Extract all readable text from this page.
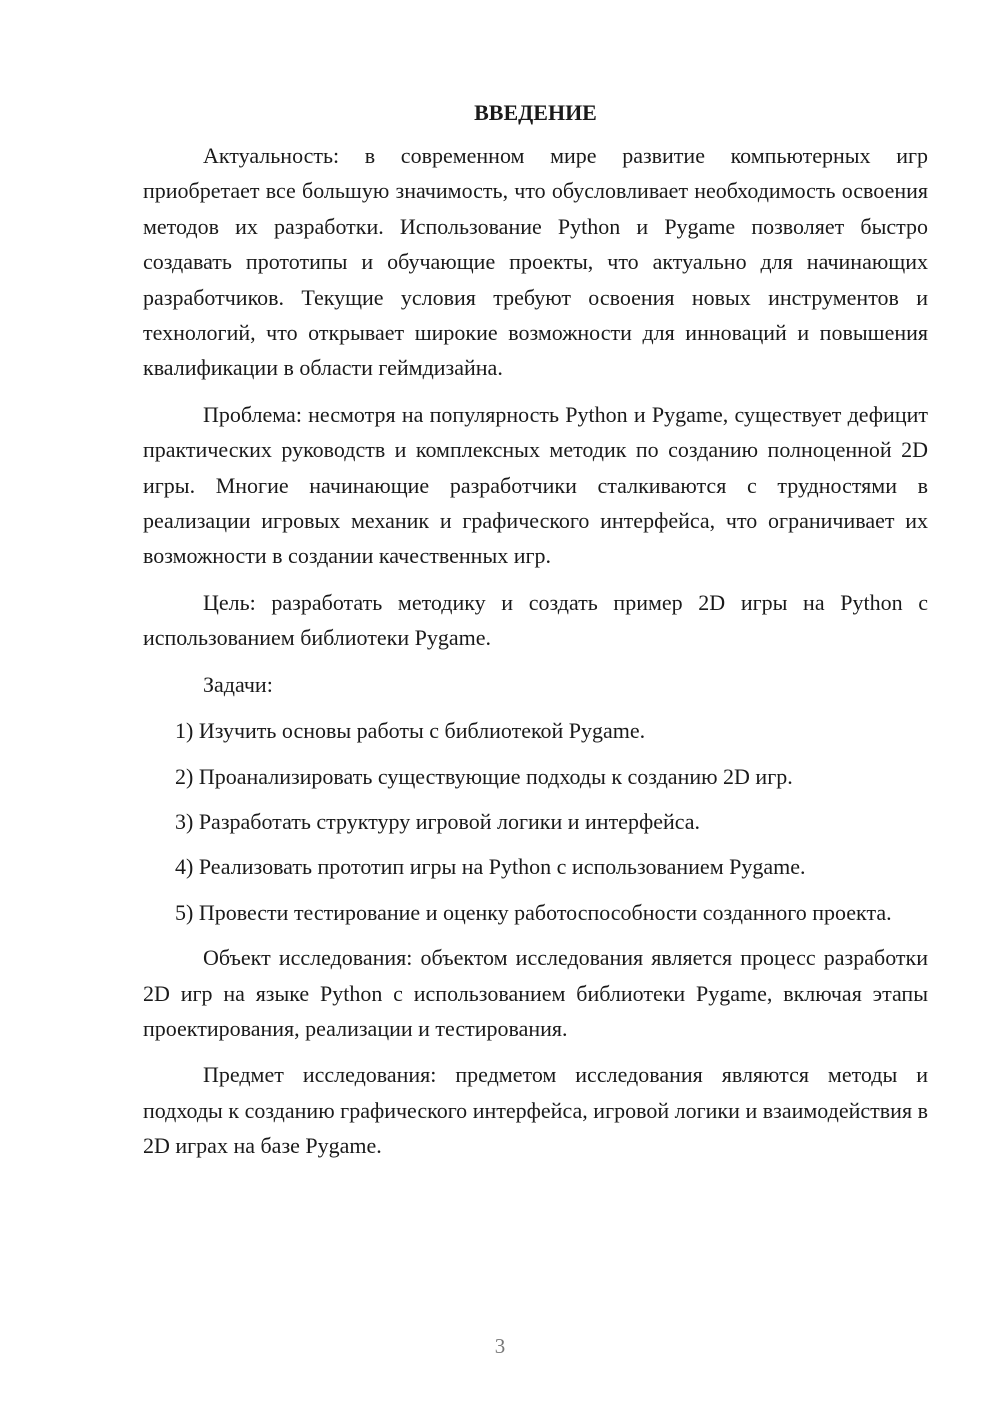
ВВЕДЕНИЕ

Актуальность: в современном мире развитие компьютерных игр приобретает все большую значимость, что обусловливает необходимость освоения методов их разработки. Использование Python и Pygame позволяет быстро создавать прототипы и обучающие проекты, что актуально для начинающих разработчиков. Текущие условия требуют освоения новых инструментов и технологий, что открывает широкие возможности для инноваций и повышения квалификации в области геймдизайна.

Проблема: несмотря на популярность Python и Pygame, существует дефицит практических руководств и комплексных методик по созданию полноценной 2D игры. Многие начинающие разработчики сталкиваются с трудностями в реализации игровых механик и графического интерфейса, что ограничивает их возможности в создании качественных игр.

Цель: разработать методику и создать пример 2D игры на Python с использованием библиотеки Pygame.

Задачи:

1) Изучить основы работы с библиотекой Pygame.

2) Проанализировать существующие подходы к созданию 2D игр.

3) Разработать структуру игровой логики и интерфейса.

4) Реализовать прототип игры на Python с использованием Pygame.

5) Провести тестирование и оценку работоспособности созданного проекта.

Объект исследования: объектом исследования является процесс разработки 2D игр на языке Python с использованием библиотеки Pygame, включая этапы проектирования, реализации и тестирования.

Предмет исследования: предметом исследования являются методы и подходы к созданию графического интерфейса, игровой логики и взаимодействия в 2D играх на базе Pygame.

3
